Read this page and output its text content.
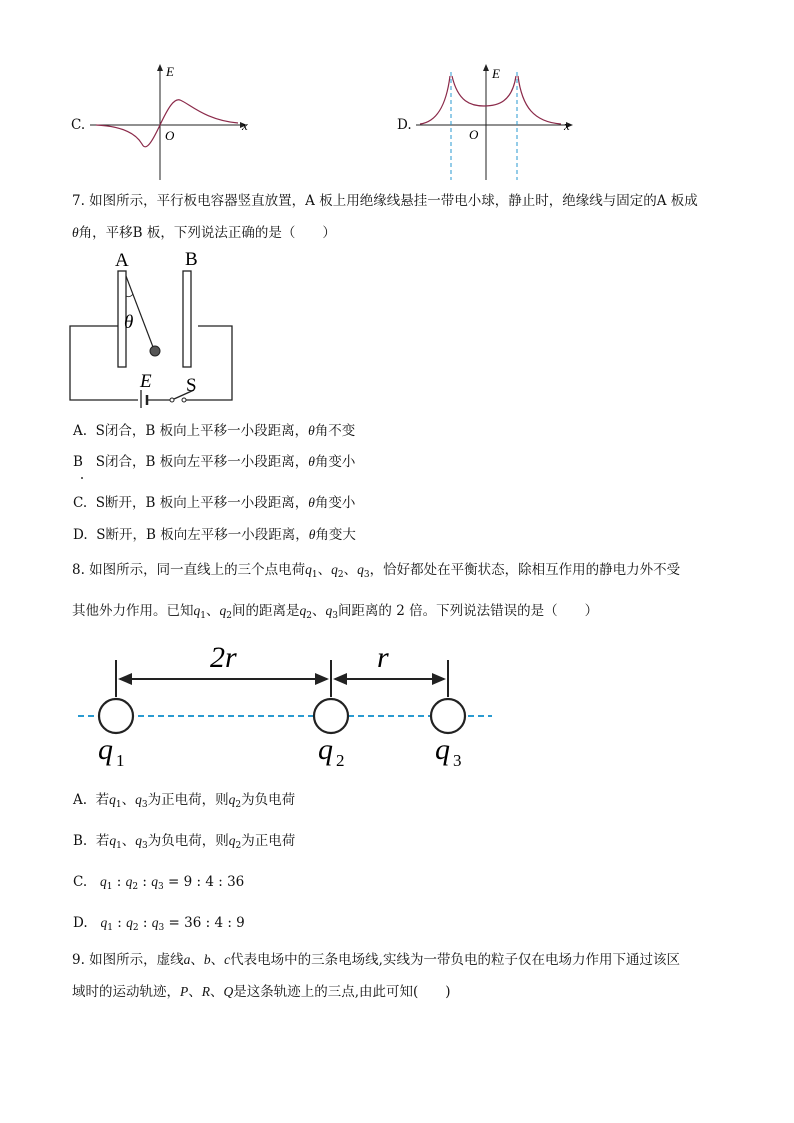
C.
E
x
O
D.
E
x
O
7. 如图所示，平行板电容器竖直放置，A 板上用绝缘线悬挂一带电小球，静止时，绝缘线与固定的A 板成
θ角，平移B 板，下列说法正确的是（　　）
A	B
θ
E S
A. S闭合，B 板向上平移一小段距离，θ角不变
B S闭合，B 板向左平移一小段距离，θ角变小
C. S断开，B 板向上平移一小段距离，θ角变小
D. S断开，B 板向左平移一小段距离，θ角变大
8. 如图所示，同一直线上的三个点电荷$q_1$、$q_2$、$q_3$，恰好都处在平衡状态，除相互作用的静电力外不受
其他外力作用。已知$q_1$、$q_2$间的距离是$q_2$、$q_3$间距离的 2 倍。下列说法错误的是（　　）
2r	r
q 1	q 2	q 3
A. 若$q_1$、$q_3$为正电荷，则$q_2$为负电荷
B. 若$q_1$、$q_3$为负电荷，则$q_2$为正电荷
C. $q_1$ : $q_2$ : $q_3 = 9$ : 4 : 36
D. $q_1$ : $q_2$ : $q_3 = 36$ : 4 : 9
9. 如图所示，虚线a、b、c代表电场中的三条电场线,实线为一带负电的粒子仅在电场力作用下通过该区
域时的运动轨迹，P、R、Q是这条轨迹上的三点,由此可知(　　)
